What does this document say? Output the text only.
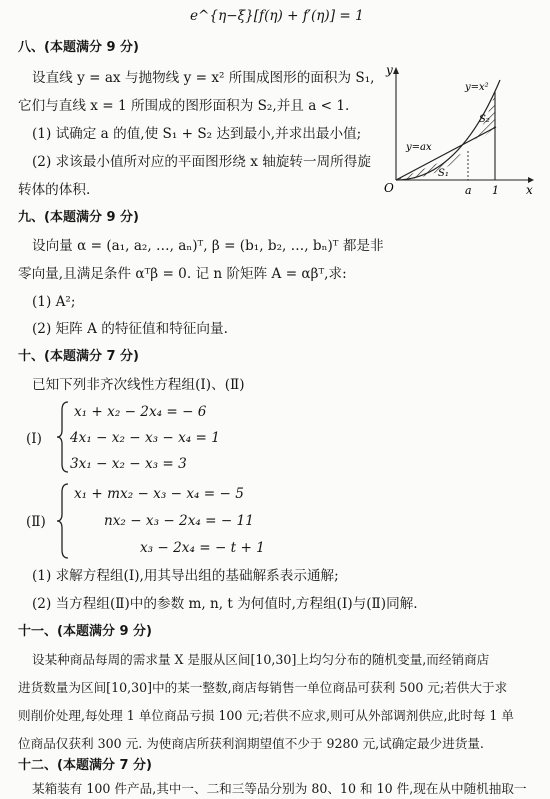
e^{η−ξ}[f(η) + f′(η)] = 1
八、(本题满分 9 分)
设直线 y = ax 与抛物线 y = x² 所围成图形的面积为 S₁,
它们与直线 x = 1 所围成的图形面积为 S₂,并且 a < 1.
(1) 试确定 a 的值,使 S₁ + S₂ 达到最小,并求出最小值;
(2) 求该最小值所对应的平面图形绕 x 轴旋转一周所得旋
转体的体积.
y
x
O	a 1
y=x²
y=ax
S₁
S₂
九、(本题满分 9 分)
设向量 α = (a₁, a₂, …, aₙ)ᵀ, β = (b₁, b₂, …, bₙ)ᵀ 都是非
零向量,且满足条件 αᵀβ = 0. 记 n 阶矩阵 A = αβᵀ,求:
(1) A²;
(2) 矩阵 A 的特征值和特征向量.
十、(本题满分 7 分)
已知下列非齐次线性方程组(Ⅰ)、(Ⅱ)
(Ⅰ)
x₁ + x₂ − 2x₄ = − 6
4x₁ − x₂ − x₃ − x₄ = 1
3x₁ − x₂ − x₃ = 3
(Ⅱ)
x₁ + mx₂ − x₃ − x₄ = − 5
nx₂ − x₃ − 2x₄ = − 11
x₃ − 2x₄ = − t + 1
(1) 求解方程组(Ⅰ),用其导出组的基础解系表示通解;
(2) 当方程组(Ⅱ)中的参数 m, n, t 为何值时,方程组(Ⅰ)与(Ⅱ)同解.
十一、(本题满分 9 分)
设某种商品每周的需求量 X 是服从区间[10,30]上均匀分布的随机变量,而经销商店
进货数量为区间[10,30]中的某一整数,商店每销售一单位商品可获利 500 元;若供大于求
则削价处理,每处理 1 单位商品亏损 100 元;若供不应求,则可从外部调剂供应,此时每 1 单
位商品仅获利 300 元. 为使商店所获利润期望值不少于 9280 元,试确定最少进货量.
十二、(本题满分 7 分)
某箱装有 100 件产品,其中一、二和三等品分别为 80、10 和 10 件,现在从中随机抽取一
